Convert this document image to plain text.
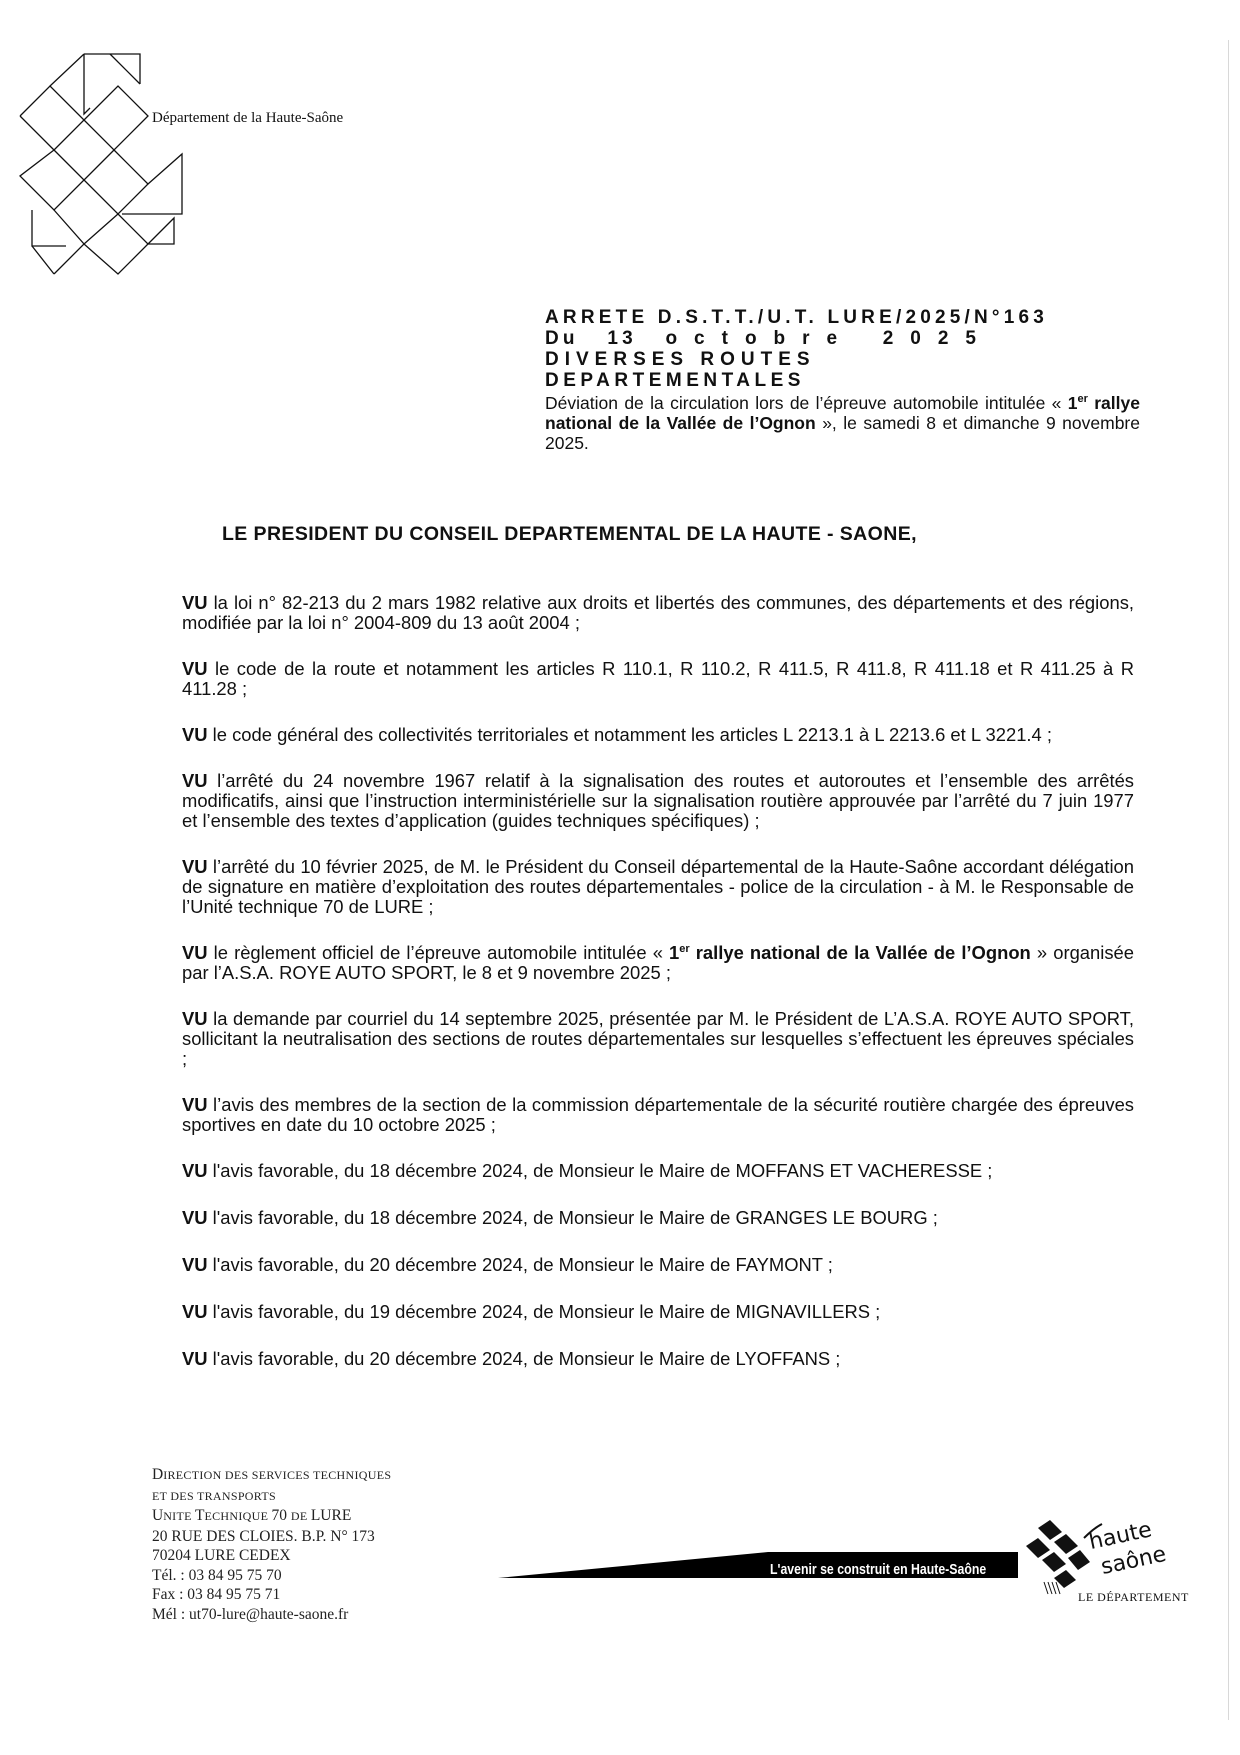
Département de la Haute-Saône

ARRETE D.S.T.T./U.T. LURE/2025/N°163

Du 13 octobre 2025

DIVERSES ROUTES

DEPARTEMENTALES

Déviation de la circulation lors de l’épreuve automobile intitulée « 1er rallye national de la Vallée de l’Ognon », le samedi 8 et dimanche 9 novembre 2025.
LE PRESIDENT DU CONSEIL DEPARTEMENTAL DE LA HAUTE - SAONE,

VU la loi n° 82-213 du 2 mars 1982 relative aux droits et libertés des communes, des départements et des régions, modifiée par la loi n° 2004-809 du 13 août 2004 ;

VU le code de la route et notamment les articles R 110.1, R 110.2, R 411.5, R 411.8, R 411.18 et R 411.25 à R 411.28 ;

VU le code général des collectivités territoriales et notamment les articles L 2213.1 à L 2213.6 et L 3221.4 ;

VU l’arrêté du 24 novembre 1967 relatif à la signalisation des routes et autoroutes et l’ensemble des arrêtés modificatifs, ainsi que l’instruction interministérielle sur la signalisation routière approuvée par l’arrêté du 7 juin 1977 et l’ensemble des textes d’application (guides techniques spécifiques) ;

VU l’arrêté du 10 février 2025, de M. le Président du Conseil départemental de la Haute-Saône accordant délégation de signature en matière d’exploitation des routes départementales - police de la circulation - à M. le Responsable de l’Unité technique 70 de LURE ;

VU le règlement officiel de l’épreuve automobile intitulée « 1er rallye national de la Vallée de l’Ognon » organisée par l’A.S.A. ROYE AUTO SPORT, le 8 et 9 novembre 2025 ;

VU la demande par courriel du 14 septembre 2025, présentée par M. le Président de L’A.S.A. ROYE AUTO SPORT, sollicitant la neutralisation des sections de routes départementales sur lesquelles s’effectuent les épreuves spéciales ;

VU l’avis des membres de la section de la commission départementale de la sécurité routière chargée des épreuves sportives en date du 10 octobre 2025 ;

VU l'avis favorable, du 18 décembre 2024, de Monsieur le Maire de MOFFANS ET VACHERESSE ;

VU l'avis favorable, du 18 décembre 2024, de Monsieur le Maire de GRANGES LE BOURG ;

VU l'avis favorable, du 20 décembre 2024, de Monsieur le Maire de FAYMONT ;

VU l'avis favorable, du 19 décembre 2024, de Monsieur le Maire de MIGNAVILLERS ;

VU l'avis favorable, du 20 décembre 2024, de Monsieur le Maire de LYOFFANS ;

DIRECTION DES SERVICES TECHNIQUES
ET DES TRANSPORTS
UNITE TECHNIQUE 70 DE LURE
20 RUE DES CLOIES. B.P. N° 173
70204 LURE CEDEX
Tél. : 03 84 95 75 70
Fax : 03 84 95 75 71
Mél : ut70-lure@haute-saone.fr
L'avenir se construit en Haute-Saône
haute
saône
LE DÉPARTEMENT
